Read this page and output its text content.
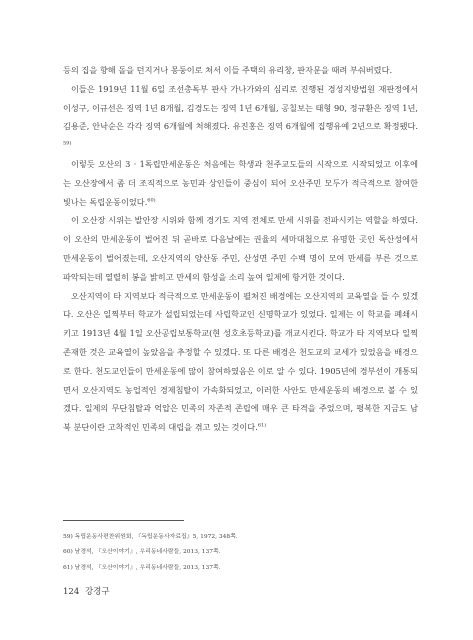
등의 집을 향해 돌을 던지거나 몽둥이로 쳐서 이들 주택의 유리창, 판자문을 때려 부숴버렸다.

이들은 1919년 11월 6일 조선총독부 판사 가나가와의 심리로 진행된 경성지방법원 재판정에서 이성구, 이규선은 징역 1년 8개월, 김경도는 징역 1년 6개월, 공칠보는 태형 90, 정규환은 징역 1년, 김용준, 안낙순은 각각 징역 6개월에 처해졌다. 유진홍은 징역 6개월에 집행유예 2년으로 확정됐다.$^{59)}$

이렇듯 오산의 3 · 1독립만세운동은 처음에는 학생과 천주교도들의 시작으로 시작되었고 이후에는 오산장에서 좀 더 조직적으로 농민과 상인들이 중심이 되어 오산주민 모두가 적극적으로 참여한 빛나는 독립운동이었다.$^{60)}$

이 오산장 시위는 발안장 시위와 함께 경기도 지역 전체로 만세 시위를 전파시키는 역할을 하였다. 이 오산의 만세운동이 벌어진 뒤 곧바로 다음날에는 권율의 세마대첩으로 유명한 곳인 독산성에서 만세운동이 벌어졌는데, 오산지역의 양산동 주민, 산성면 주민 수백 명이 모여 만세를 부른 것으로 파악되는데 열렬히 봉을 밝히고 만세의 함성을 소리 높여 일제에 항거한 것이다.

오산지역이 타 지역보다 적극적으로 만세운동이 펼쳐진 배경에는 오산지역의 교육열을 들 수 있겠다. 오산은 일찍부터 학교가 설립되었는데 사립학교인 신명학교가 있었다. 일제는 이 학교를 폐쇄시키고 1913년 4월 1일 오산공립보통학교(현 성호초등학교)를 개교시킨다. 학교가 타 지역보다 일찍 존재한 것은 교육열이 높았음을 추정할 수 있겠다. 또 다른 배경은 천도교의 교세가 있었음을 배경으로 한다. 천도교인들이 만세운동에 많이 참여하였음은 이로 알 수 있다. 1905년에 경부선이 개통되면서 오산지역도 농업적인 경제침탈이 가속화되었고, 이러한 사안도 만세운동의 배경으로 볼 수 있겠다. 일제의 무단침탈과 억압은 민족의 자존적 존립에 매우 큰 타격을 주었으며, 평복한 지금도 남북 분단이란 고착적인 민족의 대립을 겪고 있는 것이다.$^{61)}$

59) 독립운동사편찬위원회, 『독립운동사자료집』5, 1972, 348쪽.

60) 남경석, 『오산이야기』, 우리동네사람들, 2013, 137쪽.

61) 남경석, 『오산이야기』, 우리동네사람들, 2013, 137쪽.

124 강경구
